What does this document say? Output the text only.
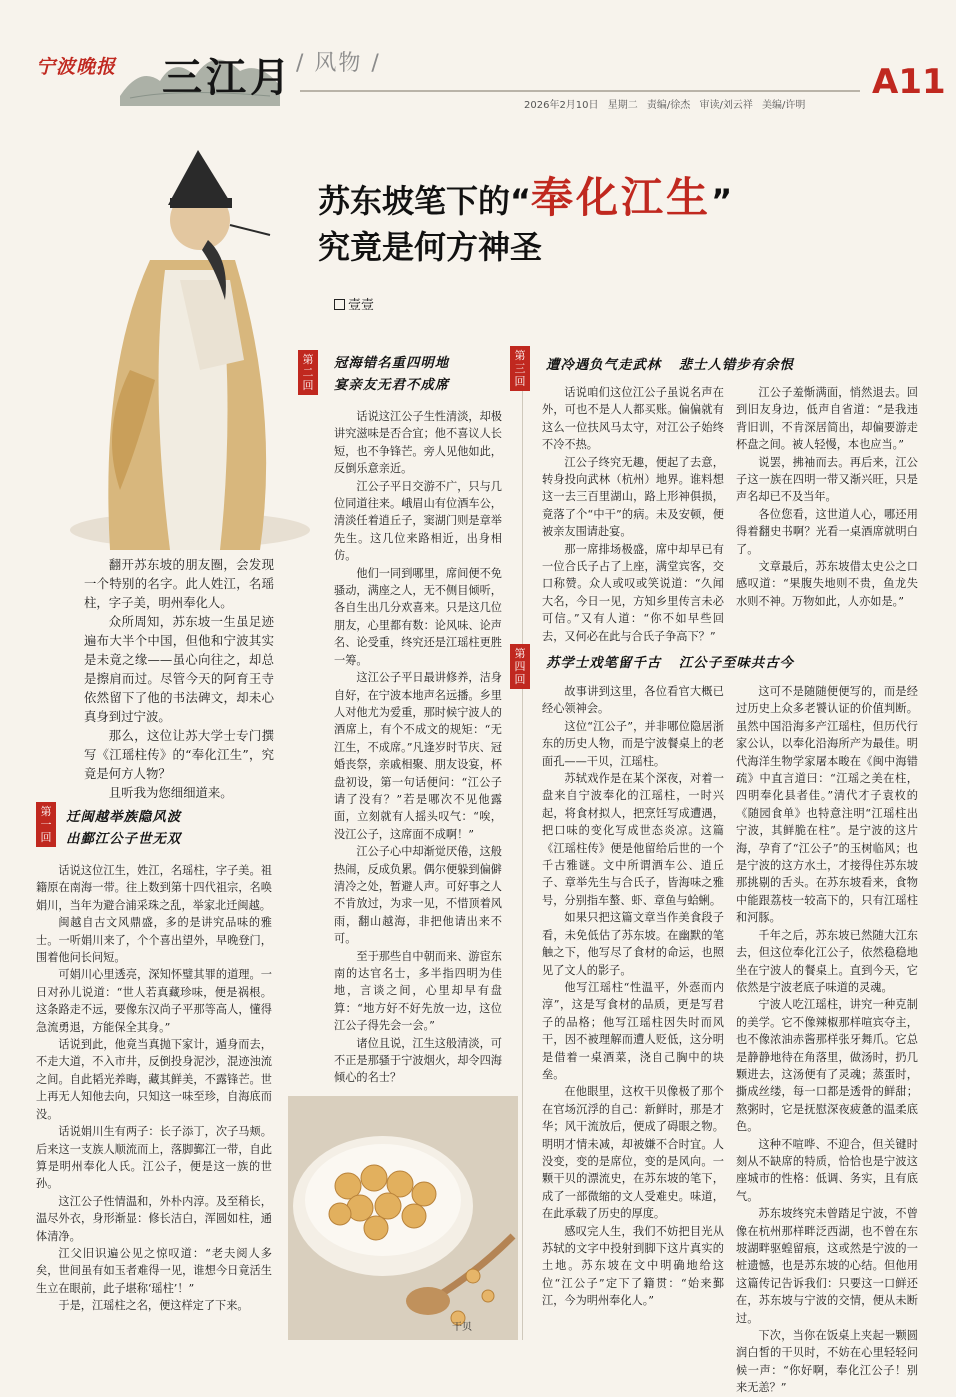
宁波晚报 三江月 / 风物 /	A11
2026年2月10日 星期二 责编/徐杰 审读/刘云祥 美编/许明
苏东坡笔下的“奉化江生”
究竟是何方神圣
壹壹

翻开苏东坡的朋友圈，会发现一个特别的名字。此人姓江，名瑶柱，字子美，明州奉化人。

众所周知，苏东坡一生虽足迹遍布大半个中国，但他和宁波其实是未竟之缘——虽心向往之，却总是擦肩而过。尽管今天的阿育王寺依然留下了他的书法碑文，却未心真身到过宁波。

那么，这位让苏大学士专门撰写《江瑶柱传》的“奉化江生”，究竟是何方人物？

且听我为您细细道来。

第一回
迁闽越举族隐风波
出鄞江公子世无双

话说这位江生，姓江，名瑶柱，字子美。祖籍原在南海一带。往上数到第十四代祖宗，名唤娟川，当年为避合浦采珠之乱，举家北迁闽越。

闽越自古文风鼎盛，多的是讲究品味的雅士。一听娟川来了，个个喜出望外，早晚登门，围着他问长问短。

可娟川心里透亮，深知怀璧其罪的道理。一日对孙儿说道：“世人若真藏珍味，便是祸根。这条路走不远，要像东汉尚子平那等高人，懂得急流勇退，方能保全其身。”

话说到此，他竟当真抛下家计，遁身而去，不走大道，不入市井，反倒投身泥沙，混迹浊流之间。自此韬光养晦，藏其鲜美，不露锋芒。世上再无人知他去向，只知这一味至珍，自海底而没。

话说娟川生有两子：长子添丁，次子马颊。后来这一支族人顺流而上，落脚鄞江一带，自此算是明州奉化人氏。江公子，便是这一族的世孙。

这江公子性情温和，外朴内淳。及至稍长，温尽外衣，身形渐显：修长洁白，浑圆如柱，通体清净。

江父旧识遍公见之惊叹道：“老夫阅人多矣，世间虽有如玉者难得一见，谁想今日竟活生生立在眼前，此子堪称‘瑶柱’！”

于是，江瑶柱之名，便这样定了下来。

第二回
冠海错名重四明地
宴亲友无君不成席

话说这江公子生性清淡，却极讲究滋味是否合宜；他不喜议人长短，也不争锋芒。旁人见他如此，反倒乐意亲近。

江公子平日交游不广，只与几位同道往来。峨眉山有位酒车公，清淡任着逍丘子，窦湖门则是章举先生。这几位来路相近，出身相仿。

他们一同到哪里，席间便不免骚动，满座之人，无不侧目倾听，各自生出几分欢喜来。只是这几位朋友，心里都有数：论风味、论声名、论受重，终究还是江瑶柱更胜一筹。

这江公子平日最讲修养，洁身自好，在宁波本地声名远播。乡里人对他尤为爱重，那时候宁波人的酒席上，有个不成文的规矩：“无江生，不成席。”凡逢岁时节庆、冠婚丧祭，亲戚相聚、朋友设宴，杯盘初设，第一句话便问：“江公子请了没有？”若是哪次不见他露面，立刻就有人摇头叹气：“唉，没江公子，这席面不成啊！”

江公子心中却渐觉厌倦，这般热闹，反成负累。偶尔便躲到偏僻清冷之处，暂避人声。可好事之人不肯放过，为求一见，不惜顶着风雨，翻山越海，非把他请出来不可。

至于那些自中朝而来、游宦东南的达官名士，多半指四明为佳地，言谈之间，心里却早有盘算：“地方好不好先放一边，这位江公子得先会一会。”

诸位且说，江生这般清淡，可不正是那骚于宁波烟火，却令四海倾心的名士？

第三回
遭冷遇负气走武林 悲士人错步有余恨

话说咱们这位江公子虽说名声在外，可也不是人人都买账。偏偏就有这么一位扶风马太守，对江公子始终不冷不热。

江公子终究无趣，便起了去意，转身投向武林（杭州）地界。谁料想这一去三百里湖山，路上形神俱损，竟落了个“中干”的病。未及安顿，便被亲友围请赴宴。

那一席排场极盛，席中却早已有一位合氏子占了上座，满堂宾客，交口称赞。众人或叹或笑说道：“久闻大名，今日一见，方知乡里传言未必可信。”又有人道：“你不如早些回去，又何必在此与合氏子争高下？”

江公子羞惭满面，悄然退去。回到旧友身边，低声自省道：“是我违背旧训，不肯深居简出，却偏要游走杯盘之间。被人轻慢，本也应当。”

说罢，拂袖而去。再后来，江公子这一族在四明一带又渐兴旺，只是声名却已不及当年。

各位您看，这世道人心，哪还用得着翻史书啊？光看一桌酒席就明白了。

文章最后，苏东坡借太史公之口感叹道：“果腹失地则不贵，鱼龙失水则不神。万物如此，人亦如是。”

第四回
苏学士戏笔留千古 江公子至味共古今

故事讲到这里，各位看官大概已经心领神会。

这位“江公子”，并非哪位隐居浙东的历史人物，而是宁波餐桌上的老面孔——干贝，江瑶柱。

苏轼戏作是在某个深夜，对着一盘来自宁波奉化的江瑶柱，一时兴起，将食材拟人，把烹饪写成遭遇，把口味的变化写成世态炎凉。这篇《江瑶柱传》便是他留给后世的一个千古雅谜。文中所谓酒车公、逍丘子、章举先生与合氏子，皆海味之雅号，分别指车螯、虾、章鱼与蛤蜊。

如果只把这篇文章当作美食段子看，未免低估了苏东坡。在幽默的笔触之下，他写尽了食材的命运，也照见了文人的影子。

他写江瑶柱“性温平，外悫而内淳”，这是写食材的品质，更是写君子的品格；他写江瑶柱因失时而风干，因不被理解而遭人贬低，这分明是借着一桌酒菜，浇自己胸中的块垒。

在他眼里，这枚干贝像极了那个在官场沉浮的自己：新鲜时，那是才华；风干流放后，便成了碍眼之物。明明才情未减，却被嫌不合时宜。人没变，变的是席位，变的是风向。一颗干贝的漂流史，在苏东坡的笔下，成了一部微缩的文人受难史。味道，在此承载了历史的厚度。

感叹完人生，我们不妨把目光从苏轼的文字中投射到脚下这片真实的土地。苏东坡在文中明确地给这位“江公子”定下了籍贯：“始来鄞江，今为明州奉化人。”

这可不是随随便便写的，而是经过历史上众多老饕认证的价值判断。虽然中国沿海多产江瑶柱，但历代行家公认，以奉化沿海所产为最佳。明代海洋生物学家屠本畯在《闽中海错疏》中直言道曰：“江瑶之美在柱，四明奉化县者佳。”清代才子袁枚的《随园食单》也特意注明“江瑶柱出宁波，其鲜脆在柱”。是宁波的这片海，孕育了“江公子”的玉树临风；也是宁波的这方水土，才接得住苏东坡那挑剔的舌头。在苏东坡看来，食物中能跟荔枝一较高下的，只有江瑶柱和河豚。

千年之后，苏东坡已然随大江东去，但这位奉化江公子，依然稳稳地坐在宁波人的餐桌上。直到今天，它依然是宁波老底子味道的灵魂。

宁波人吃江瑶柱，讲究一种克制的美学。它不像辣椒那样喧宾夺主，也不像浓油赤酱那样张牙舞爪。它总是静静地待在角落里，做汤时，扔几颗进去，这汤便有了灵魂；蒸蛋时，撕成丝缕，每一口都是透骨的鲜甜；熬粥时，它是抚慰深夜疲惫的温柔底色。

这种不喧哗、不迎合，但关键时刻从不缺席的特质，恰恰也是宁波这座城市的性格：低调、务实，且有底气。

苏东坡终究未曾踏足宁波，不曾像在杭州那样畔泛西湖，也不曾在东坡湖畔驱蝗留痕，这或然是宁波的一桩遗憾，也是苏东坡的心结。但他用这篇传记告诉我们：只要这一口鲜还在，苏东坡与宁波的交情，便从未断过。

下次，当你在饭桌上夹起一颗圆润白皙的干贝时，不妨在心里轻轻问候一声：“你好啊，奉化江公子！别来无恙？”

干贝
